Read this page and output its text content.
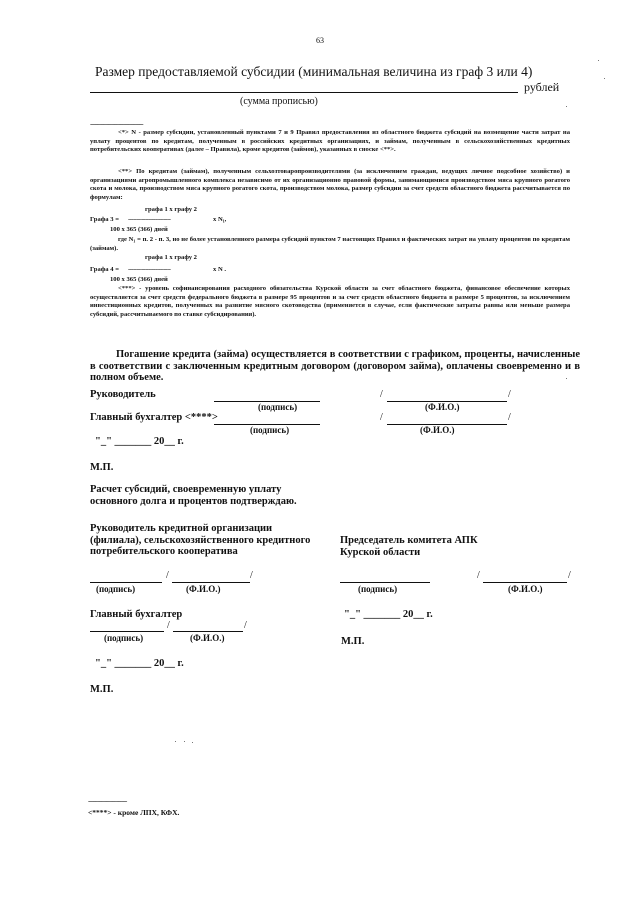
63
Размер предоставляемой субсидии (минимальная величина из граф 3 или 4)
рублей
(сумма прописью)
--------------------------------------------
<*> N - размер субсидии, установленный пунктами 7 и 9 Правил предоставления из областного бюджета субсидий на возмещение части затрат на уплату процентов по кредитам, полученным в российских кредитных организациях, и займам, полученным в сельскохозяйственных кредитных потребительских кооперативах (далее – Правила), кроме кредитов (займов), указанных в сноске <**>.
<**> По кредитам (займам), полученным сельхозтоваропроизводителями (за исключением граждан, ведущих личное подсобное хозяйство) и организациями агропромышленного комплекса независимо от их организационно правовой формы, занимающимися производством мяса крупного рогатого скота и молока, производством мяса крупного рогатого скота, производством молока, размер субсидии за счет средств областного бюджета рассчитывается по формулам:
графа 1 х графу 2
Графа 3 = -------------------------	х N₁,
100 х 365 (366) дней
где N₁ = п. 2 - п. 3, но не более установленного размера субсидий пунктом 7 настоящих Правил и фактических затрат на уплату процентов по кредитам (займам).
графа 1 х графу 2
Графа 4 = -------------------------	х N .
100 х 365 (366) дней
<***> - уровень софинансирования расходного обязательства Курской области за счет областного бюджета, финансовое обеспечение которых осуществляется за счет средств федерального бюджета в размере 95 процентов и за счет средств областного бюджета в размере 5 процентов, за исключением инвестиционных кредитов, полученных на развитие мясного скотоводства (применяется в случае, если фактические затраты равны или меньше размера субсидий, рассчитываемого по ставке субсидирования).
Погашение кредита (займа) осуществляется в соответствии с графиком, проценты, начисленные в соответствии с заключенным кредитным договором (договором займа), оплачены своевременно и в полном объеме.
Руководитель
(подпись)
/	/
(Ф.И.О.)
Главный бухгалтер <****>
(подпись)
/	/
(Ф.И.О.)
"_" _______ 20__ г.
М.П.
Расчет субсидий, своевременную уплату основного долга и процентов подтверждаю.
Руководитель кредитной организации (филиала), сельскохозяйственного кредитного потребительского кооператива
Председатель комитета АПК Курской области
/	/
(подпись)	(Ф.И.О.)
/	/
(подпись)	(Ф.И.О.)
Главный бухгалтер
/	/
(подпись)	(Ф.И.О.)
"_" _______ 20__ г.
М.П.
"_" _______ 20__ г.
М.П.
--------------------------------
<****> - кроме ЛПХ, КФХ.
